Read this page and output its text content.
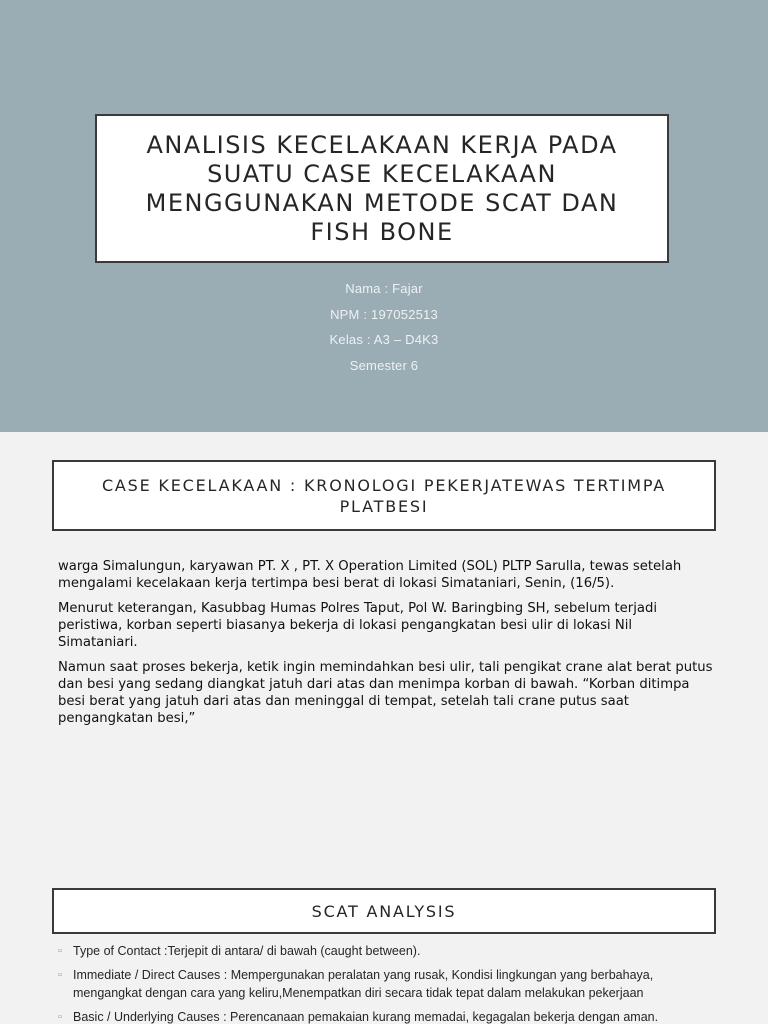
ANALISIS KECELAKAAN KERJA PADA SUATU CASE KECELAKAAN MENGGUNAKAN METODE SCAT DAN FISH BONE
Nama : Fajar
NPM : 197052513
Kelas : A3 – D4K3
Semester 6
CASE KECELAKAAN : KRONOLOGI PEKERJATEWAS TERTIMPA PLATBESI

warga Simalungun, karyawan PT. X , PT. X Operation Limited (SOL) PLTP Sarulla, tewas setelah mengalami kecelakaan kerja tertimpa besi berat di lokasi Simataniari, Senin, (16/5).

Menurut keterangan, Kasubbag Humas Polres Taput, Pol W. Baringbing SH, sebelum terjadi peristiwa, korban seperti biasanya bekerja di lokasi pengangkatan besi ulir di lokasi Nil Simataniari.

Namun saat proses bekerja, ketik ingin memindahkan besi ulir, tali pengikat crane alat berat putus dan besi yang sedang diangkat jatuh dari atas dan menimpa korban di bawah. “Korban ditimpa besi berat yang jatuh dari atas dan meninggal di tempat, setelah tali crane putus saat pengangkatan besi,”

SCAT ANALYSIS
▫ Type of Contact :Terjepit di antara/ di bawah (caught between).
▫ Immediate / Direct Causes : Mempergunakan peralatan yang rusak, Kondisi lingkungan yang berbahaya, mengangkat dengan cara yang keliru,Menempatkan diri secara tidak tepat dalam melakukan pekerjaan
▫ Basic / Underlying Causes : Perencanaan pemakaian kurang memadai, kegagalan bekerja dengan aman.
